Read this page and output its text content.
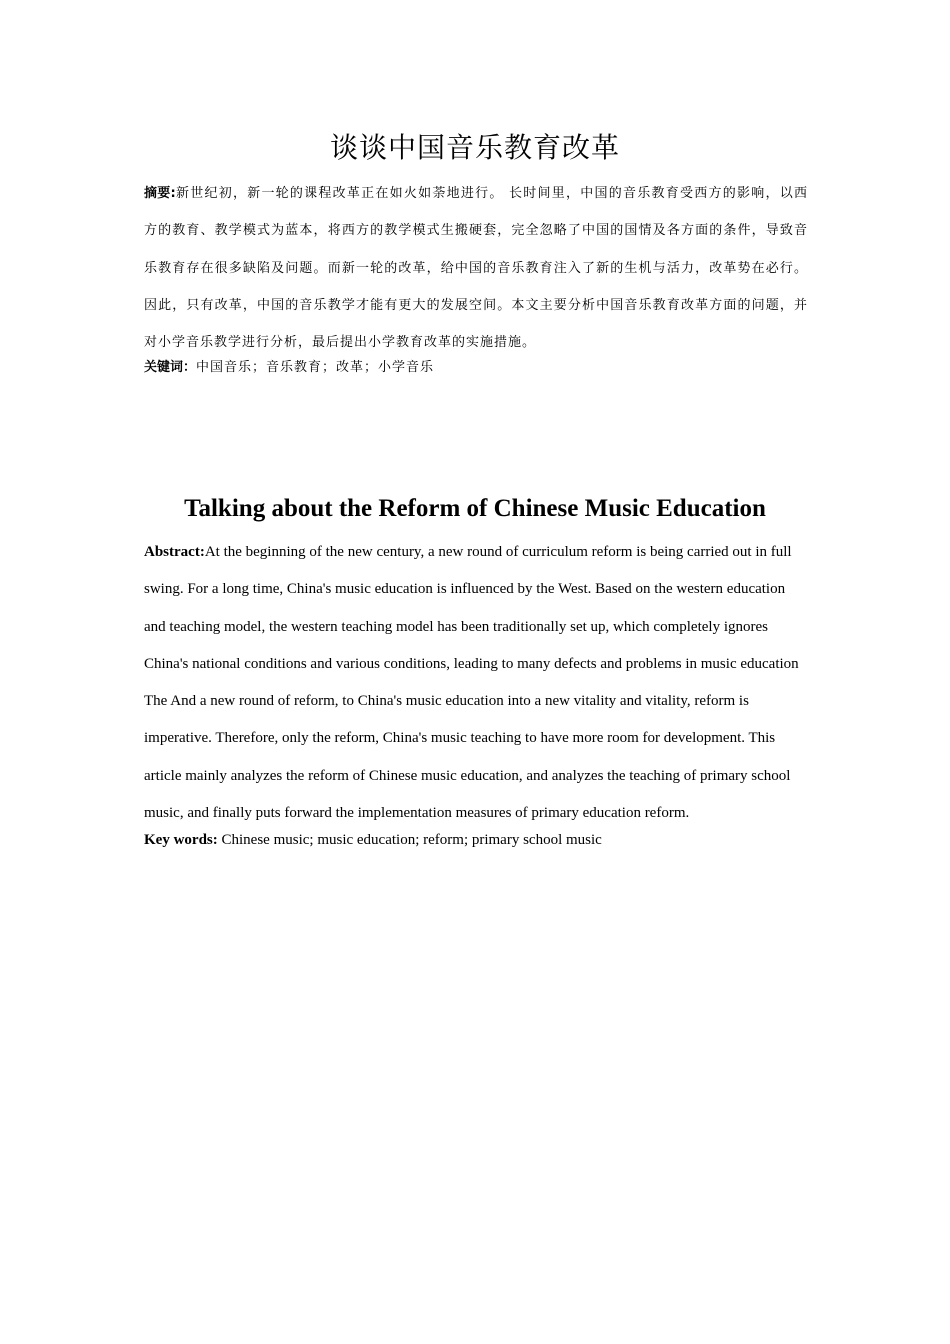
谈谈中国音乐教育改革
摘要:新世纪初，新一轮的课程改革正在如火如荼地进行。 长时间里，中国的音乐教育受西方的影响，以西方的教育、教学模式为蓝本，将西方的教学模式生搬硬套，完全忽略了中国的国情及各方面的条件，导致音乐教育存在很多缺陷及问题。而新一轮的改革，给中国的音乐教育注入了新的生机与活力，改革势在必行。因此，只有改革，中国的音乐教学才能有更大的发展空间。本文主要分析中国音乐教育改革方面的问题，并对小学音乐教学进行分析，最后提出小学教育改革的实施措施。
关键词：中国音乐；音乐教育；改革；小学音乐
Talking about the Reform of Chinese Music Education
Abstract:At the beginning of the new century, a new round of curriculum reform is being carried out in full swing. For a long time, China's music education is influenced by the West. Based on the western education and teaching model, the western teaching model has been traditionally set up, which completely ignores China's national conditions and various conditions, leading to many defects and problems in music education The And a new round of reform, to China's music education into a new vitality and vitality, reform is imperative. Therefore, only the reform, China's music teaching to have more room for development. This article mainly analyzes the reform of Chinese music education, and analyzes the teaching of primary school music, and finally puts forward the implementation measures of primary education reform.
Key words: Chinese music; music education; reform; primary school music
